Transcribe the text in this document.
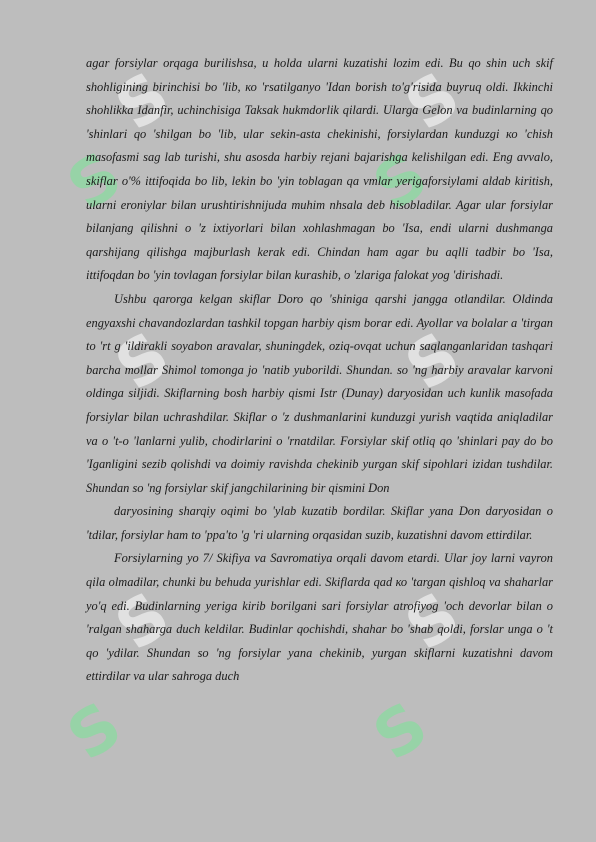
S	S
S	S
S	S
S	S
S	S

agar forsiylar orqaga burilishsa, u holda ularni kuzatishi lozim edi. Bu qo shin uch skif shohligining birinchisi bo 'lib, ко 'rsatilganyo 'Idan borish to'g'risida buyruq oldi. Ikkinchi shohlikka Idanfir, uchinchisiga Taksak hukmdorlik qilardi. Ularga Gelon va budinlarning qo 'shinlari qo 'shilgan bo 'lib, ular sekin-asta chekinishi, forsiylardan kunduzgi ко 'chish masofasmi sag lab turishi, shu asosda harbiy rejani bajarishga kelishilgan edi. Eng avvalo, skiflar o'% ittifoqida bo lib, lekin bo 'yin toblagan qa vmlar yerigaforsiylami aldab kiritish, ularni eroniylar bilan urushtirishnijuda muhim nhsala deb hisobladilar. Agar ular forsiylar bilanjang qilishni o 'z ixtiyorlari bilan xohlashmagan bo 'Isa, endi ularni dushmanga qarshijang qilishga majburlash kerak edi. Chindan ham agar bu aqlli tadbir bo 'Isa, ittifoqdan bo 'yin tovlagan forsiylar bilan kurashib, o 'zlariga falokat yog 'dirishadi.

Ushbu qarorga kelgan skiflar Doro qo 'shiniga qarshi jangga otlandilar. Oldinda engyaxshi chavandozlardan tashkil topgan harbiy qism borar edi. Ayollar va bolalar a 'tirgan to 'rt g 'ildirakli soyabon aravalar, shuningdek, oziq-ovqat uchun saqlanganlaridan tashqari barcha mollar Shimol tomonga jo 'natib yuborildi. Shundan. so 'ng harbiy aravalar karvoni oldinga siljidi. Skiflarning bosh harbiy qismi Istr (Dunay) daryosidan uch kunlik masofada forsiylar bilan uchrashdilar. Skiflar o 'z dushmanlarini kunduzgi yurish vaqtida aniqladilar va o 't-o 'lanlarni yulib, chodirlarini o 'rnatdilar. Forsiylar skif otliq qo 'shinlari pay do bo 'Iganligini sezib qolishdi va doimiy ravishda chekinib yurgan skif sipohlari izidan tushdilar. Shundan so 'ng forsiylar skif jangchilarining bir qismini Don

daryosining sharqiy oqimi bo 'ylab kuzatib bordilar. Skiflar yana Don daryosidan o 'tdilar, forsiylar ham to 'ppa'to 'g 'ri ularning orqasidan suzib, kuzatishni davom ettirdilar.

Forsiylarning yo 7/ Skifiya va Savromatiya orqali davom etardi. Ular joy larni vayron qila olmadilar, chunki bu behuda yurishlar edi. Skiflarda qad ко 'targan qishloq va shaharlar yo'q edi. Budinlarning yeriga kirib borilgani sari forsiylar atrofiyog 'och devorlar bilan o 'ralgan shaharga duch keldilar. Budinlar qochishdi, shahar bo 'shab qoldi, forslar unga o 't qo 'ydilar. Shundan so 'ng forsiylar yana chekinib, yurgan skiflarni kuzatishni davom ettirdilar va ular sahroga duch
